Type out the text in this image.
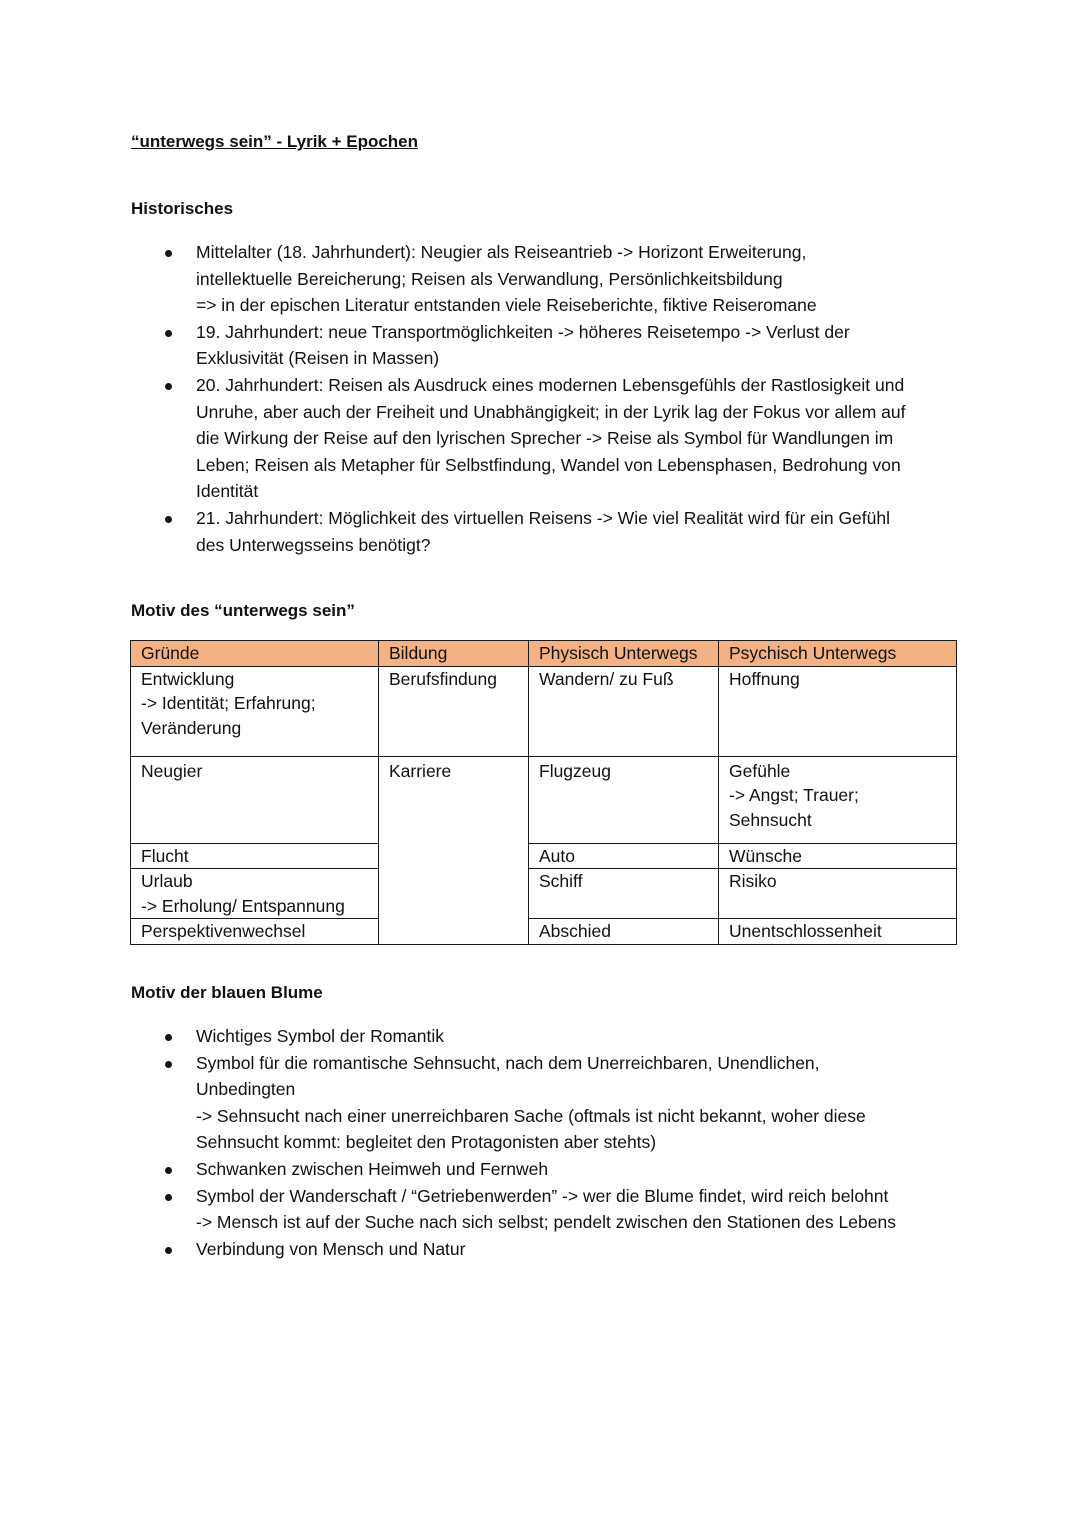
“unterwegs sein” - Lyrik + Epochen
Historisches
Mittelalter (18. Jahrhundert): Neugier als Reiseantrieb -> Horizont Erweiterung,
intellektuelle Bereicherung; Reisen als Verwandlung, Persönlichkeitsbildung
=> in der epischen Literatur entstanden viele Reiseberichte, fiktive Reiseromane
19. Jahrhundert: neue Transportmöglichkeiten -> höheres Reisetempo -> Verlust der
Exklusivität (Reisen in Massen)
20. Jahrhundert: Reisen als Ausdruck eines modernen Lebensgefühls der Rastlosigkeit und
Unruhe, aber auch der Freiheit und Unabhängigkeit; in der Lyrik lag der Fokus vor allem auf
die Wirkung der Reise auf den lyrischen Sprecher -> Reise als Symbol für Wandlungen im
Leben; Reisen als Metapher für Selbstfindung, Wandel von Lebensphasen, Bedrohung von
Identität
21. Jahrhundert: Möglichkeit des virtuellen Reisens -> Wie viel Realität wird für ein Gefühl
des Unterwegsseins benötigt?
Motiv des “unterwegs sein”
Gründe	Bildung	Physisch Unterwegs	Psychisch Unterwegs

Entwicklung
-> Identität; Erfahrung;
Veränderung	Berufsfindung	Wandern/ zu Fuß	Hoffnung
Neugier	Karriere	Flugzeug	Gefühle
-> Angst; Trauer;
Sehnsucht

Flucht		Auto	Wünsche

Urlaub
-> Erholung/ Entspannung		Schiff	Risiko
Perspektivenwechsel		Abschied	Unentschlossenheit
Motiv der blauen Blume
Wichtiges Symbol der Romantik
Symbol für die romantische Sehnsucht, nach dem Unerreichbaren, Unendlichen,
Unbedingten
-> Sehnsucht nach einer unerreichbaren Sache (oftmals ist nicht bekannt, woher diese
Sehnsucht kommt: begleitet den Protagonisten aber stehts)
Schwanken zwischen Heimweh und Fernweh
Symbol der Wanderschaft / “Getriebenwerden” -> wer die Blume findet, wird reich belohnt
-> Mensch ist auf der Suche nach sich selbst; pendelt zwischen den Stationen des Lebens
Verbindung von Mensch und Natur
